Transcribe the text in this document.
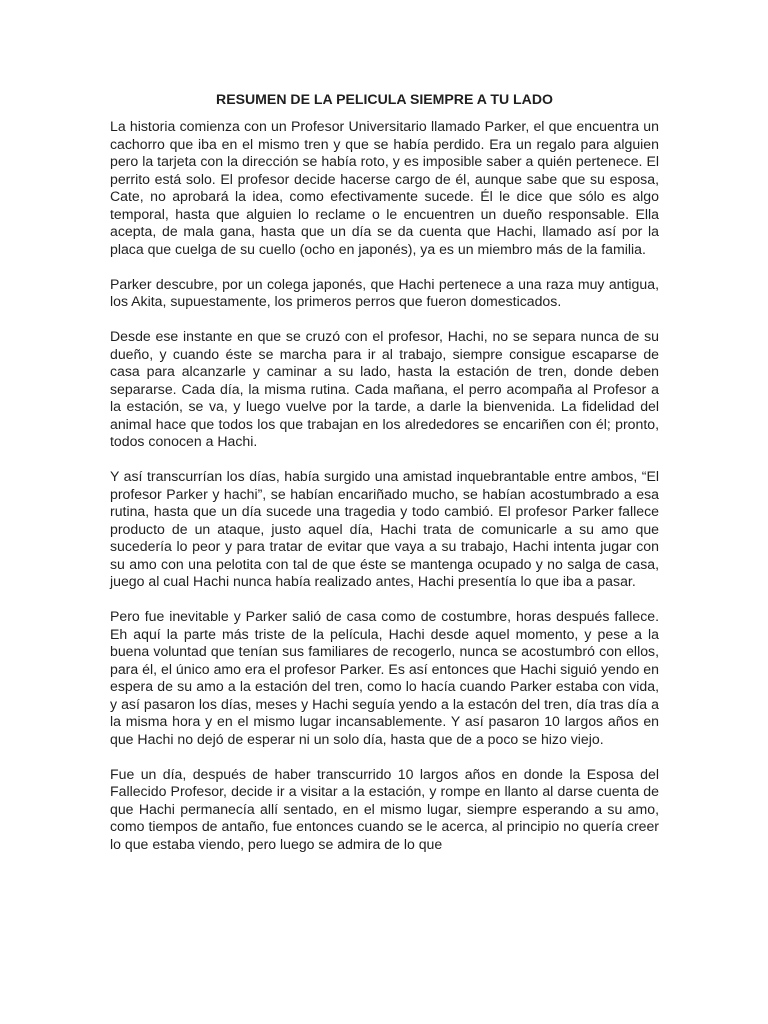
RESUMEN DE LA PELICULA SIEMPRE A TU LADO

La historia comienza con un Profesor Universitario llamado Parker, el que encuentra un cachorro que iba en el mismo tren y que se había perdido. Era un regalo para alguien pero la tarjeta con la dirección se había roto, y es imposible saber a quién pertenece. El perrito está solo. El profesor decide hacerse cargo de él, aunque sabe que su esposa, Cate, no aprobará la idea, como efectivamente sucede. Él le dice que sólo es algo temporal, hasta que alguien lo reclame o le encuentren un dueño responsable. Ella acepta, de mala gana, hasta que un día se da cuenta que Hachi, llamado así por la placa que cuelga de su cuello (ocho en japonés), ya es un miembro más de la familia.

Parker descubre, por un colega japonés, que Hachi pertenece a una raza muy antigua, los Akita, supuestamente, los primeros perros que fueron domesticados.

Desde ese instante en que se cruzó con el profesor, Hachi, no se separa nunca de su dueño, y cuando éste se marcha para ir al trabajo, siempre consigue escaparse de casa para alcanzarle y caminar a su lado, hasta la estación de tren, donde deben separarse. Cada día, la misma rutina. Cada mañana, el perro acompaña al Profesor a la estación, se va, y luego vuelve por la tarde, a darle la bienvenida. La fidelidad del animal hace que todos los que trabajan en los alrededores se encariñen con él; pronto, todos conocen a Hachi.

Y así transcurrían los días, había surgido una amistad inquebrantable entre ambos, “El profesor Parker y hachi”, se habían encariñado mucho, se habían acostumbrado a esa rutina, hasta que un día sucede una tragedia y todo cambió. El profesor Parker fallece producto de un ataque, justo aquel día, Hachi trata de comunicarle a su amo que sucedería lo peor y para tratar de evitar que vaya a su trabajo, Hachi intenta jugar con su amo con una pelotita con tal de que éste se mantenga ocupado y no salga de casa, juego al cual Hachi nunca había realizado antes, Hachi presentía lo que iba a pasar.

Pero fue inevitable y Parker salió de casa como de costumbre, horas después fallece. Eh aquí la parte más triste de la película, Hachi desde aquel momento, y pese a la buena voluntad que tenían sus familiares de recogerlo, nunca se acostumbró con ellos, para él, el único amo era el profesor Parker. Es así entonces que Hachi siguió yendo en espera de su amo a la estación del tren, como lo hacía cuando Parker estaba con vida, y así pasaron los días, meses y Hachi seguía yendo a la estacón del tren, día tras día a la misma hora y en el mismo lugar incansablemente. Y así pasaron 10 largos años en que Hachi no dejó de esperar ni un solo día, hasta que de a poco se hizo viejo.

Fue un día, después de haber transcurrido 10 largos años en donde la Esposa del Fallecido Profesor, decide ir a visitar a la estación, y rompe en llanto al darse cuenta de que Hachi permanecía allí sentado, en el mismo lugar, siempre esperando a su amo, como tiempos de antaño, fue entonces cuando se le acerca, al principio no quería creer lo que estaba viendo, pero luego se admira de lo que
